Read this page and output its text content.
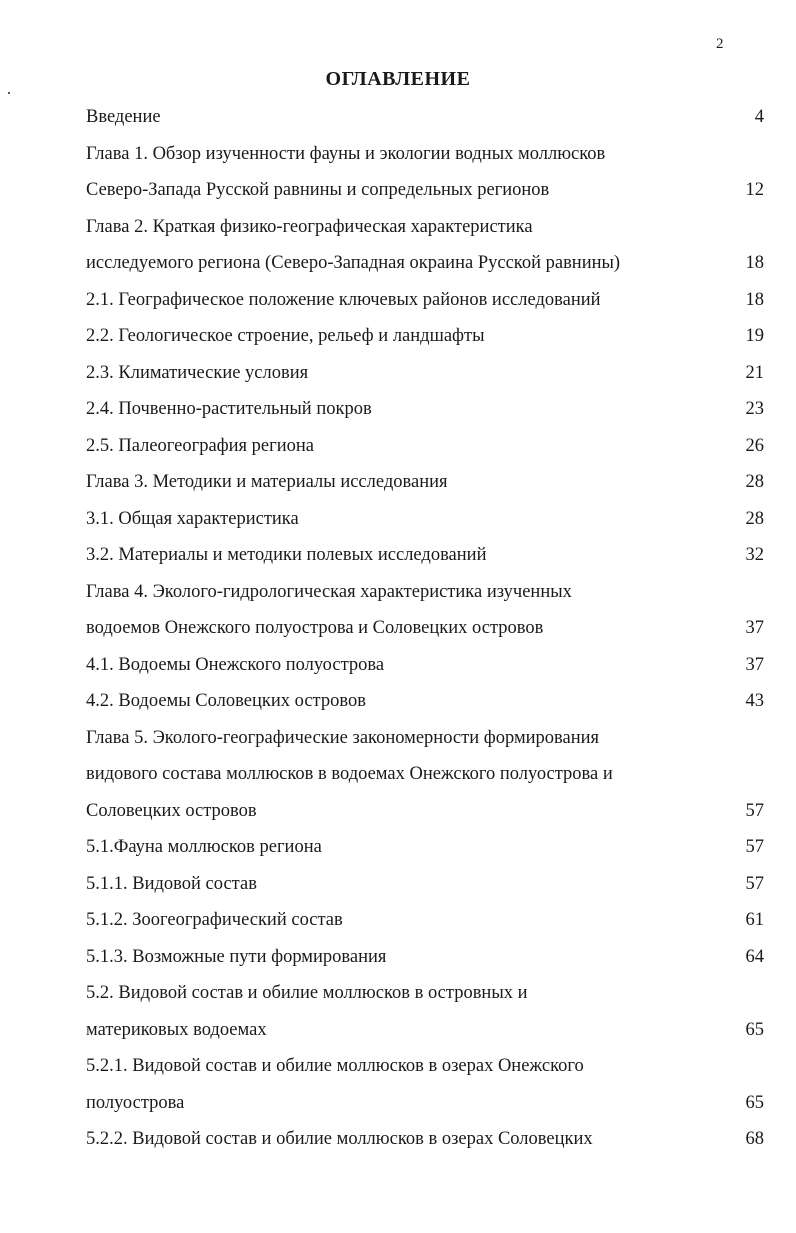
2
ОГЛАВЛЕНИЕ
Введение	4
Глава 1. Обзор изученности фауны и экологии водных моллюсков
Северо-Запада Русской равнины и сопредельных регионов	12
Глава 2. Краткая физико-географическая характеристика
исследуемого региона (Северо-Западная окраина Русской равнины)	18
2.1. Географическое положение ключевых районов исследований	18
2.2. Геологическое строение, рельеф и ландшафты	19
2.3. Климатические условия	21
2.4. Почвенно-растительный покров	23
2.5. Палеогеография региона	26
Глава 3. Методики и материалы исследования	28
3.1. Общая характеристика	28
3.2. Материалы и методики полевых исследований	32
Глава 4. Эколого-гидрологическая характеристика изученных
водоемов Онежского полуострова и Соловецких островов	37
4.1. Водоемы Онежского полуострова	37
4.2. Водоемы Соловецких островов	43
Глава 5. Эколого-географические закономерности формирования
видового состава моллюсков в водоемах Онежского полуострова и
Соловецких островов	57
5.1.Фауна моллюсков региона	57
5.1.1. Видовой состав	57
5.1.2. Зоогеографический состав	61
5.1.3. Возможные пути формирования	64
5.2. Видовой состав и обилие моллюсков в островных и
материковых водоемах	65
5.2.1. Видовой состав и обилие моллюсков в озерах Онежского
полуострова	65
5.2.2. Видовой состав и обилие моллюсков в озерах Соловецких	68
